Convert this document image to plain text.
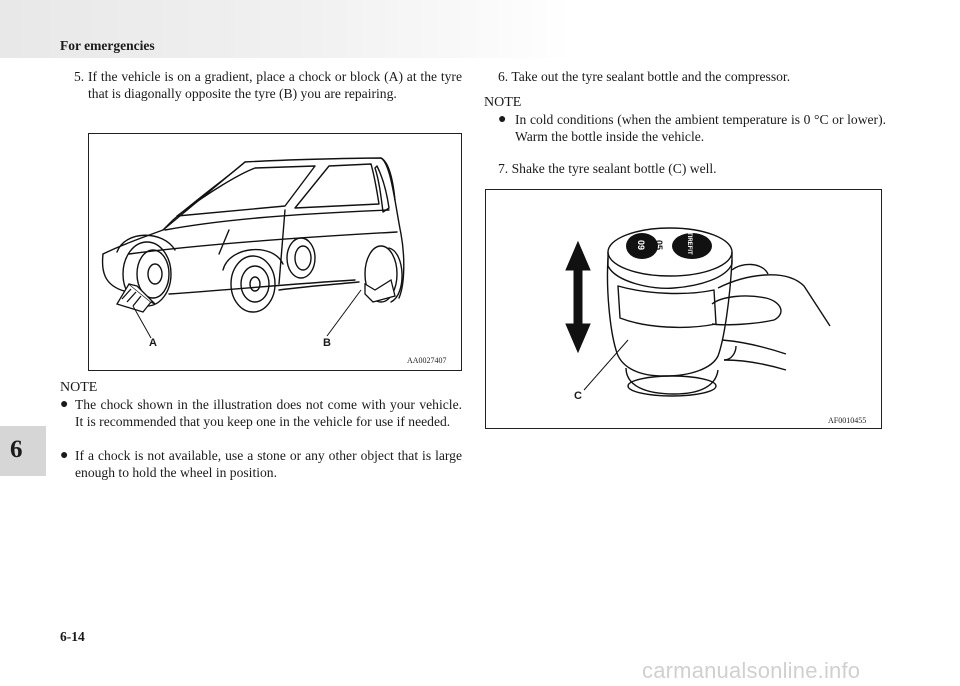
For emergencies
6
5. If the vehicle is on a gradient, place a chock or block (A) at the tyre that is diagonally opposite the tyre (B) you are repairing.
A	B
AA0027407
NOTE
● The chock shown in the illustration does not come with your vehicle. It is recommended that you keep one in the vehicle for use if needed.
● If a chock is not available, use a stone or any other object that is large enough to hold the wheel in position.
6. Take out the tyre sealant bottle and the compressor.
NOTE
● In cold conditions (when the ambient temperature is 0 °C or lower). Warm the bottle inside the vehicle.
7. Shake the tyre sealant bottle (C) well.
09 05	TIREFIT
C
AF0010455
6-14
carmanualsonline.info
